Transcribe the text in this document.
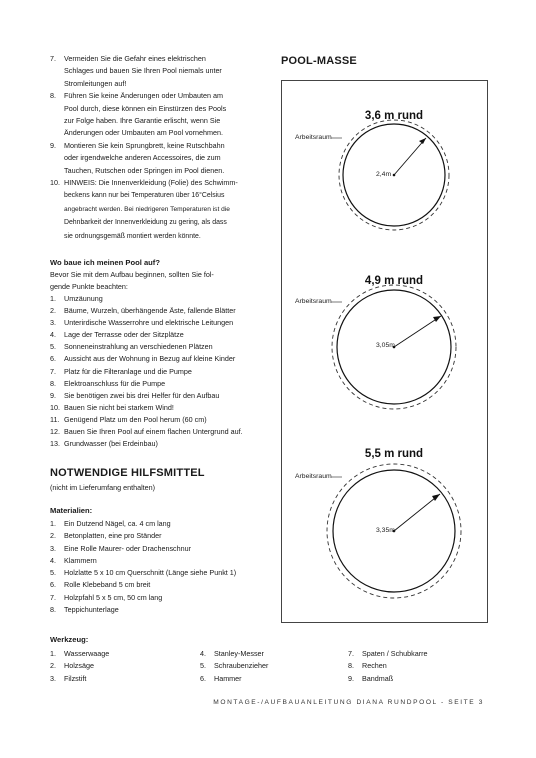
7. Vermeiden Sie die Gefahr eines elektrischen
Schlages und bauen Sie Ihren Pool niemals unter
Stromleitungen auf!
8. Führen Sie keine Änderungen oder Umbauten am
Pool durch, diese können ein Einstürzen des Pools
zur Folge haben. Ihre Garantie erlischt, wenn Sie
Änderungen oder Umbauten am Pool vornehmen.
9. Montieren Sie kein Sprungbrett, keine Rutschbahn
oder irgendwelche anderen Accessoires, die zum
Tauchen, Rutschen oder Springen im Pool dienen.
10. HINWEIS: Die Innenverkleidung (Folie) des Schwimm-
beckens kann nur bei Temperaturen über 16°Celsius
angebracht werden. Bei niedrigeren Temperaturen ist die
Dehnbarkeit der Innenverkleidung zu gering, als dass
sie ordnungsgemäß montiert werden könnte.
Wo baue ich meinen Pool auf?
Bevor Sie mit dem Aufbau beginnen, sollten Sie fol-
gende Punkte beachten:
1. Umzäunung
2. Bäume, Wurzeln, überhängende Äste, fallende Blätter
3. Unterirdische Wasserrohre und elektrische Leitungen
4. Lage der Terrasse oder der Sitzplätze
5. Sonneneinstrahlung an verschiedenen Plätzen
6. Aussicht aus der Wohnung in Bezug auf kleine Kinder
7. Platz für die Filteranlage und die Pumpe
8. Elektroanschluss für die Pumpe
9. Sie benötigen zwei bis drei Helfer für den Aufbau
10. Bauen Sie nicht bei starkem Wind!
11. Genügend Platz um den Pool herum (60 cm)
12. Bauen Sie Ihren Pool auf einem flachen Untergrund auf.
13. Grundwasser (bei Erdeinbau)
NOTWENDIGE HILFSMITTEL
(nicht im Lieferumfang enthalten)
Materialien:
1. Ein Dutzend Nägel, ca. 4 cm lang
2. Betonplatten, eine pro Ständer
3. Eine Rolle Maurer- oder Drachenschnur
4. Klammern
5. Holzlatte 5 x 10 cm Querschnitt (Länge siehe Punkt 1)
6. Rolle Klebeband 5 cm breit
7. Holzpfahl 5 x 5 cm, 50 cm lang
8. Teppichunterlage
Werkzeug:
1. Wasserwaage
2. Holzsäge
3. Filzstift
4. Stanley-Messer
5. Schraubenzieher
6. Hammer
7. Spaten / Schubkarre
8. Rechen
9. Bandmaß
POOL-MASSE
3,6 m rund
Arbeitsraum
2,4m
4,9 m rund
Arbeitsraum
3,05m
5,5 m rund
Arbeitsraum
3,35m
MONTAGE-/AUFBAUANLEITUNG DIANA RUNDPOOL - SEITE 3
